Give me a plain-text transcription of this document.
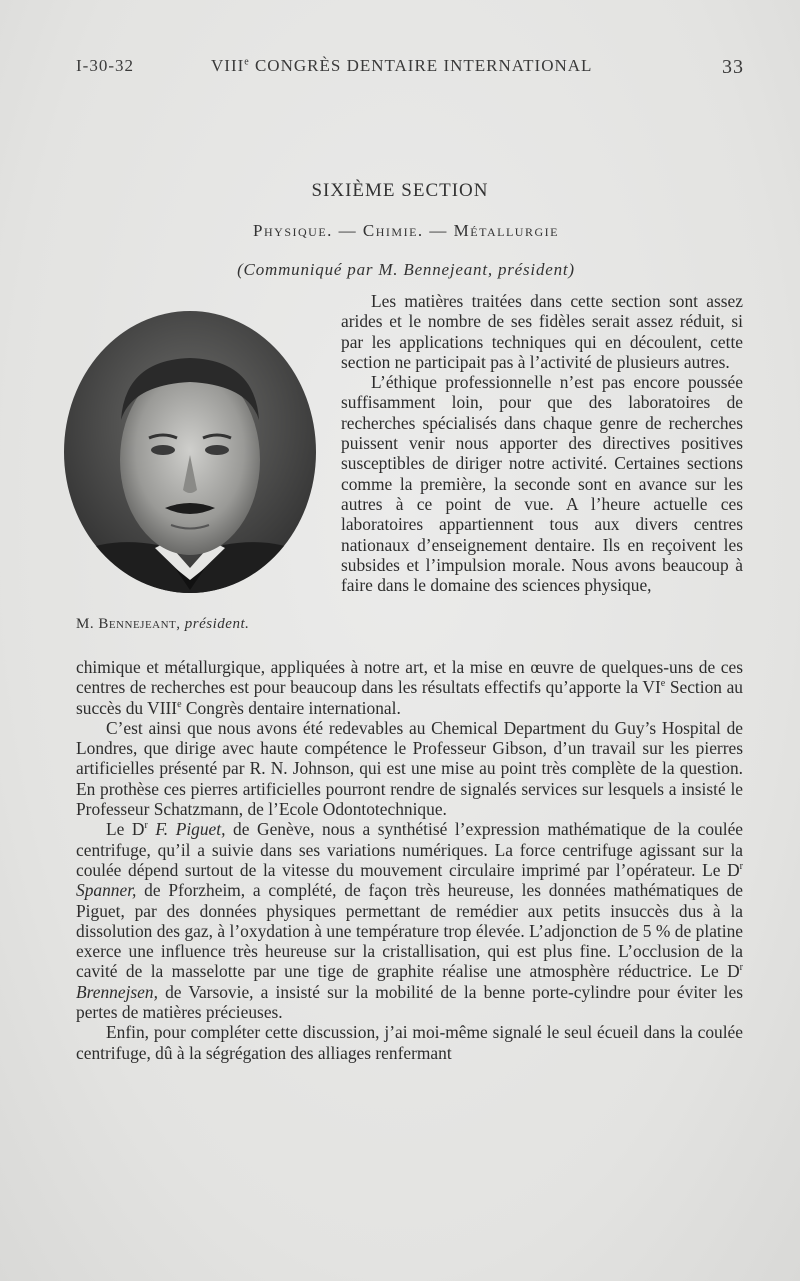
I-30-32	VIIIe CONGRÈS DENTAIRE INTERNATIONAL	33
SIXIÈME SECTION
Physique. — Chimie. — Métallurgie
(Communiqué par M. Bennejeant, président)
M. Bennejeant, président.

Les matières traitées dans cette section sont assez arides et le nombre de ses fidèles serait assez réduit, si par les applications techniques qui en découlent, cette section ne participait pas à l’activité de plusieurs autres.

L’éthique professionnelle n’est pas encore poussée suffisamment loin, pour que des laboratoires de recherches spécialisés dans chaque genre de recherches puissent venir nous apporter des directives positives susceptibles de diriger notre activité. Certaines sections comme la première, la seconde sont en avance sur les autres à ce point de vue. A l’heure actuelle ces laboratoires appartiennent tous aux divers centres nationaux d’enseignement dentaire. Ils en reçoivent les subsides et l’impulsion morale. Nous avons beaucoup à faire dans le domaine des sciences physique,

chimique et métallurgique, appliquées à notre art, et la mise en œuvre de quelques-uns de ces centres de recherches est pour beaucoup dans les résultats effectifs qu’apporte la VIe Section au succès du VIIIe Congrès dentaire international.

C’est ainsi que nous avons été redevables au Chemical Department du Guy’s Hospital de Londres, que dirige avec haute compétence le Professeur Gibson, d’un travail sur les pierres artificielles présenté par R. N. Johnson, qui est une mise au point très complète de la question. En prothèse ces pierres artificielles pourront rendre de signalés services sur lesquels a insisté le Professeur Schatzmann, de l’Ecole Odontotechnique.

Le $D^r$ F. Piguet, de Genève, nous a synthétisé l’expression mathématique de la coulée centrifuge, qu’il a suivie dans ses variations numériques. La force centrifuge agissant sur la coulée dépend surtout de la vitesse du mouvement circulaire imprimé par l’opérateur. Le $D^r$ Spanner, de Pforzheim, a complété, de façon très heureuse, les données mathématiques de Piguet, par des données physiques permettant de remédier aux petits insuccès dus à la dissolution des gaz, à l’oxydation à une température trop élevée. L’adjonction de 5 % de platine exerce une influence très heureuse sur la cristallisation, qui est plus fine. L’occlusion de la cavité de la masselotte par une tige de graphite réalise une atmosphère réductrice. Le $D^r$ Brennejsen, de Varsovie, a insisté sur la mobilité de la benne porte-cylindre pour éviter les pertes de matières précieuses.

Enfin, pour compléter cette discussion, j’ai moi-même signalé le seul écueil dans la coulée centrifuge, dû à la ségrégation des alliages renfermant
